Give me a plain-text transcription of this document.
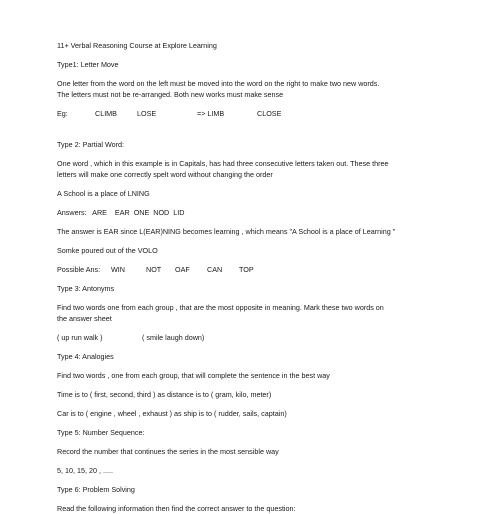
11+ Verbal Reasoning Course at Explore Learning

Type1: Letter Move

One letter from the word on the left must be moved into the word on the right to make two new words.

The letters must not be re-arranged. Both new works must make sense

Eg:	CLIMB	LOSE	=> LIMB	CLOSE

Type 2: Partial Word:

One word , which in this example is in Capitals, has had three consecutive letters taken out. These three

letters will make one correctly spelt word without changing the order

A School is a place of LNING

Answers:   ARE    EAR  ONE  NOD  LID

The answer is EAR since L(EAR)NING becomes learning , which means "A School is a place of Learning "

Somke poured out of the VOLO

Possible Ans: WIN	NOT OAF CAN TOP

Type 3: Antonyms

Find two words one from each group , that are the most opposite in meaning. Mark these two words on

the answer sheet

( up run walk )	( smile laugh down)

Type 4: Analogies

Find two words , one from each group, that will complete the sentence in the best way

Time is to ( first, second, third ) as distance is to ( gram, kilo, meter)

Car is to ( engine , wheel , exhaust ) as ship is to ( rudder, sails, captain)

Type 5: Number Sequence:

Record the number that continues the series in the most sensible way

5, 10, 15, 20 , .....

Type 6: Problem Solving

Read the following information then find the correct answer to the question:
